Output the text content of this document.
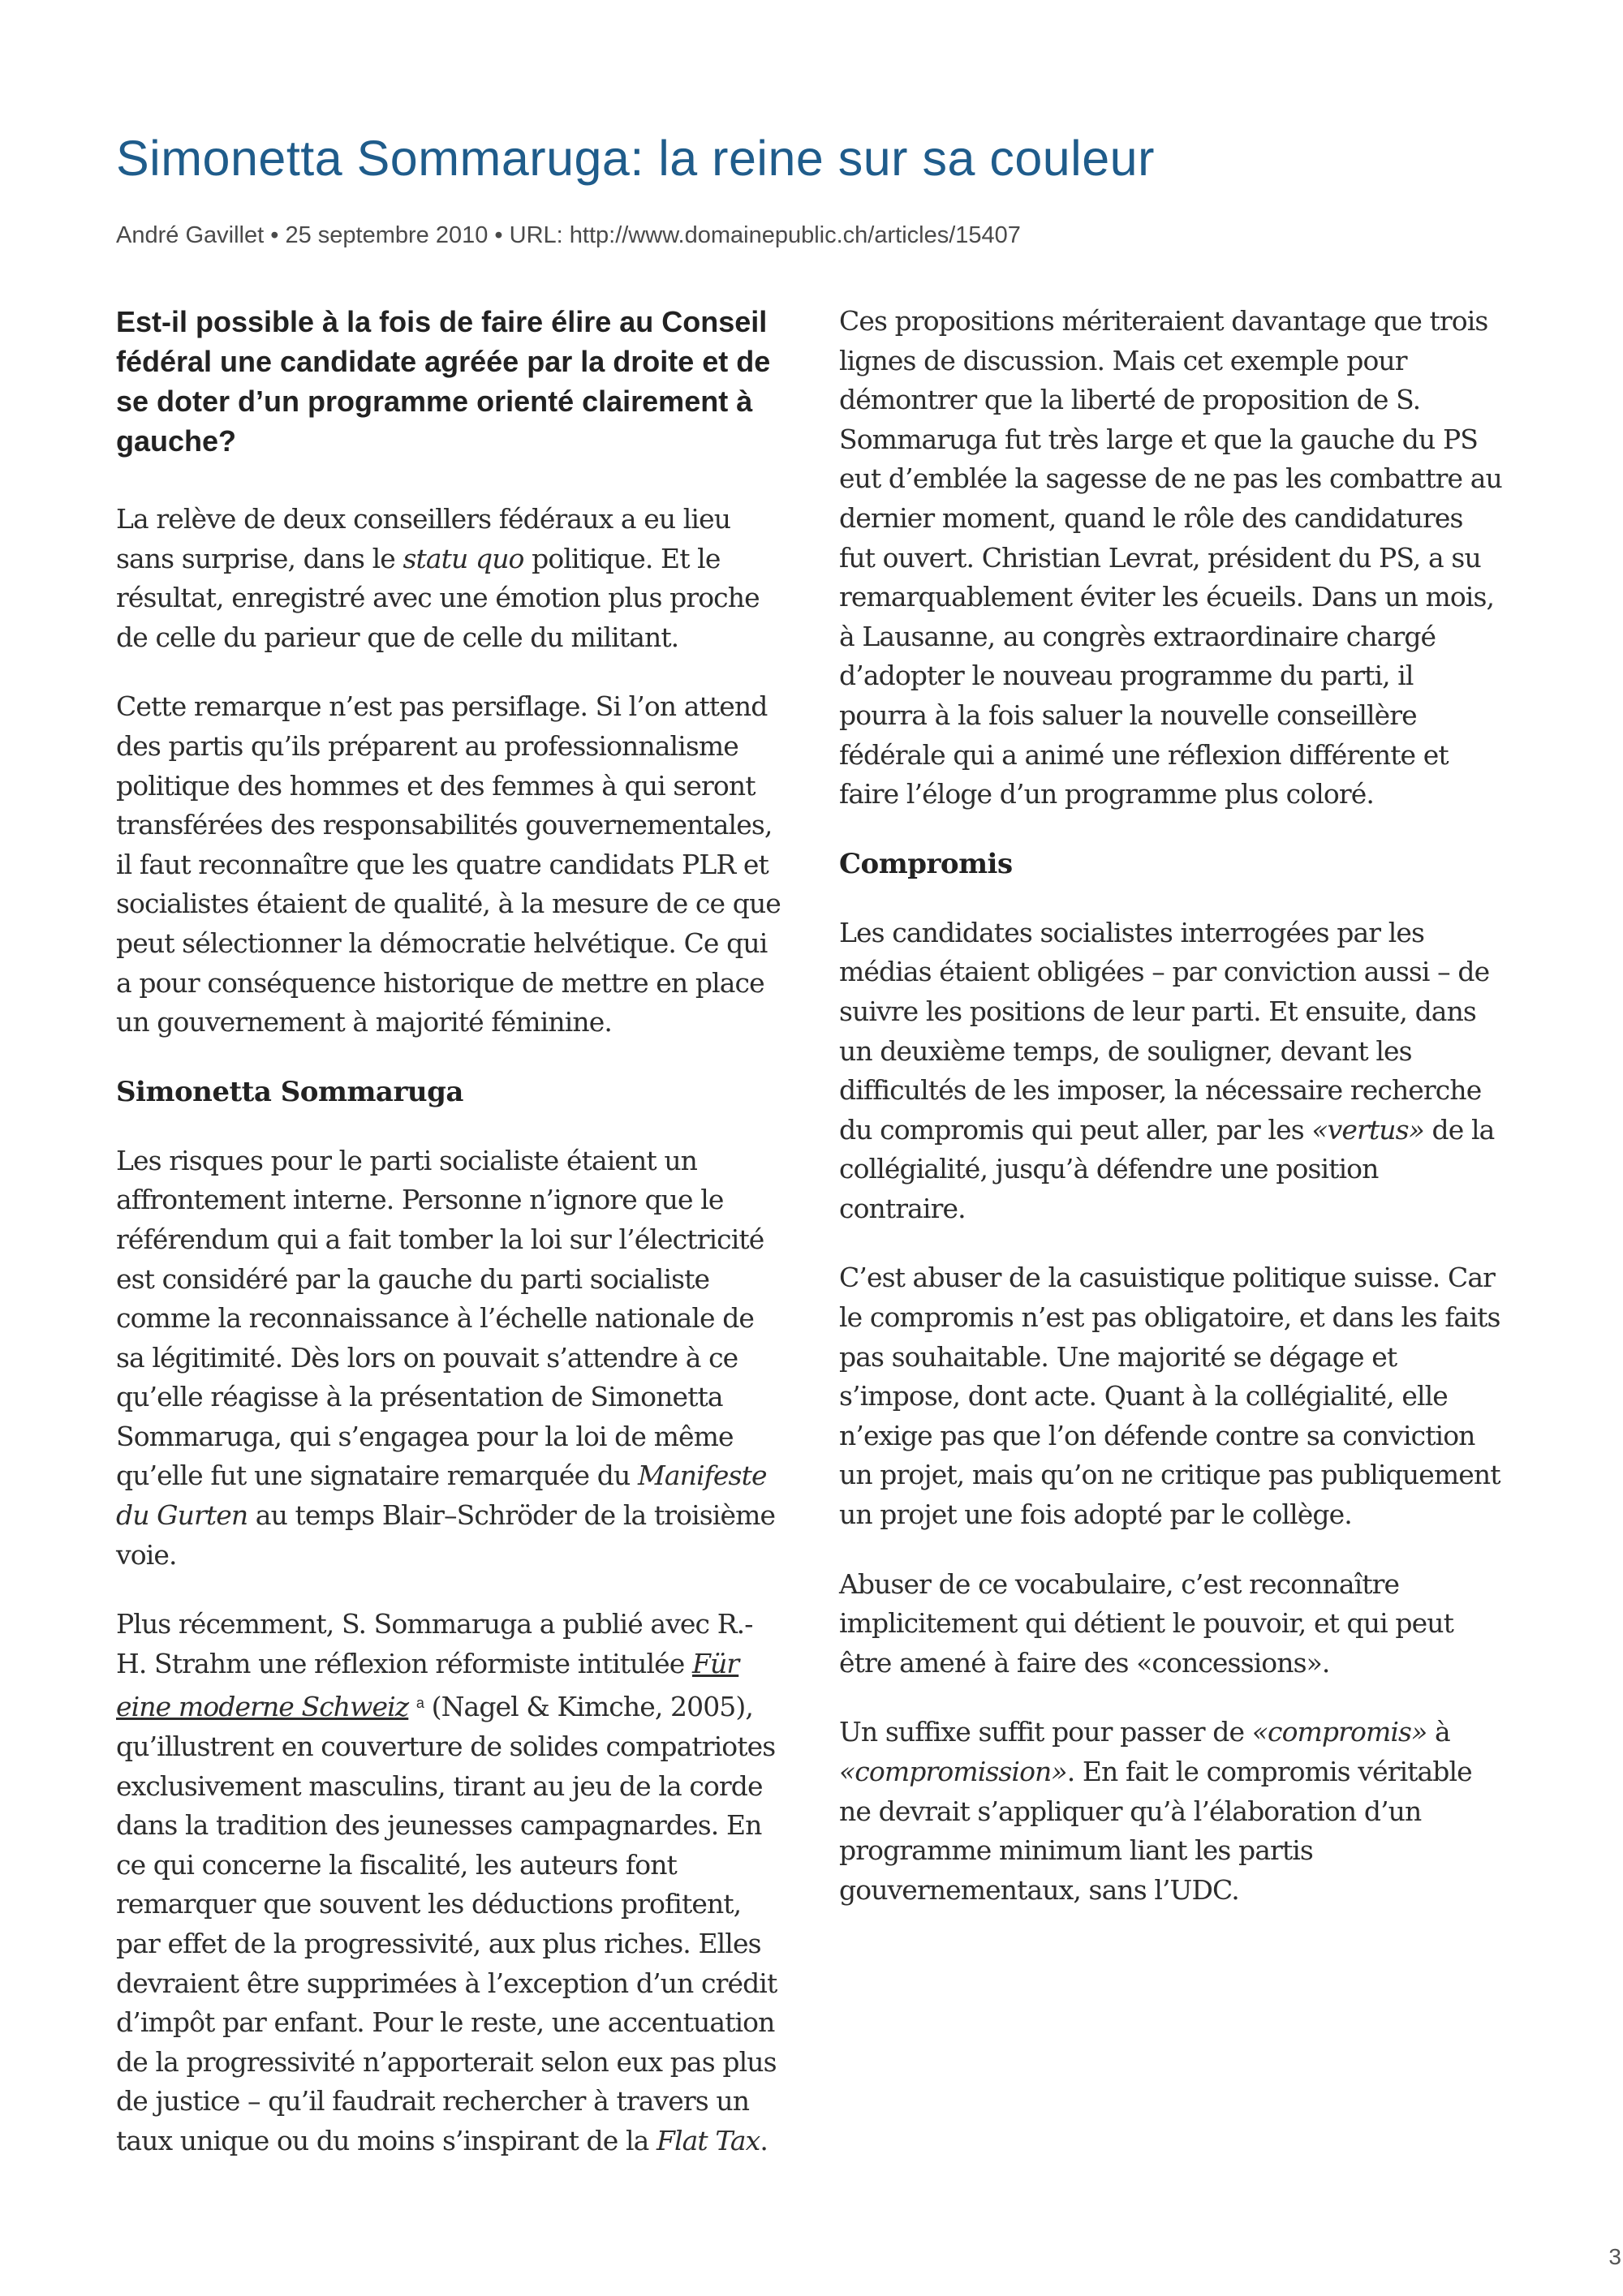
Simonetta Sommaruga: la reine sur sa couleur
André Gavillet • 25 septembre 2010 • URL: http://www.domainepublic.ch/articles/15407

Est-il possible à la fois de faire élire au Conseil fédéral une candidate agréée par la droite et de se doter d’un programme orienté clairement à gauche?

La relève de deux conseillers fédéraux a eu lieu sans surprise, dans le statu quo politique. Et le résultat, enregistré avec une émotion plus proche de celle du parieur que de celle du militant.

Cette remarque n’est pas persiflage. Si l’on attend des partis qu’ils préparent au professionnalisme politique des hommes et des femmes à qui seront transférées des responsabilités gouvernementales, il faut reconnaître que les quatre candidats PLR et socialistes étaient de qualité, à la mesure de ce que peut sélectionner la démocratie helvétique. Ce qui a pour conséquence historique de mettre en place un gouvernement à majorité féminine.

Simonetta Sommaruga

Les risques pour le parti socialiste étaient un affrontement interne. Personne n’ignore que le référendum qui a fait tomber la loi sur l’électricité est considéré par la gauche du parti socialiste comme la reconnaissance à l’échelle nationale de sa légitimité. Dès lors on pouvait s’attendre à ce qu’elle réagisse à la présentation de Simonetta Sommaruga, qui s’engagea pour la loi de même qu’elle fut une signataire remarquée du Manifeste du Gurten au temps Blair–Schröder de la troisième voie.

Plus récemment, S. Sommaruga a publié avec R.-H. Strahm une réflexion réformiste intitulée Für eine moderne Schweiz $^a$ (Nagel & Kimche, 2005), qu’illustrent en couverture de solides compatriotes exclusivement masculins, tirant au jeu de la corde dans la tradition des jeunesses campagnardes. En ce qui concerne la fiscalité, les auteurs font remarquer que souvent les déductions profitent, par effet de la progressivité, aux plus riches. Elles devraient être supprimées à l’exception d’un crédit d’impôt par enfant. Pour le reste, une accentuation de la progressivité n’apporterait selon eux pas plus de justice – qu’il faudrait rechercher à travers un taux unique ou du moins s’inspirant de la Flat Tax.

Ces propositions mériteraient davantage que trois lignes de discussion. Mais cet exemple pour démontrer que la liberté de proposition de S. Sommaruga fut très large et que la gauche du PS eut d’emblée la sagesse de ne pas les combattre au dernier moment, quand le rôle des candidatures fut ouvert. Christian Levrat, président du PS, a su remarquablement éviter les écueils. Dans un mois, à Lausanne, au congrès extraordinaire chargé d’adopter le nouveau programme du parti, il pourra à la fois saluer la nouvelle conseillère fédérale qui a animé une réflexion différente et faire l’éloge d’un programme plus coloré.

Compromis

Les candidates socialistes interrogées par les médias étaient obligées – par conviction aussi – de suivre les positions de leur parti. Et ensuite, dans un deuxième temps, de souligner, devant les difficultés de les imposer, la nécessaire recherche du compromis qui peut aller, par les «vertus» de la collégialité, jusqu’à défendre une position contraire.

C’est abuser de la casuistique politique suisse. Car le compromis n’est pas obligatoire, et dans les faits pas souhaitable. Une majorité se dégage et s’impose, dont acte. Quant à la collégialité, elle n’exige pas que l’on défende contre sa conviction un projet, mais qu’on ne critique pas publiquement un projet une fois adopté par le collège.

Abuser de ce vocabulaire, c’est reconnaître implicitement qui détient le pouvoir, et qui peut être amené à faire des «concessions».

Un suffixe suffit pour passer de «compromis» à «compromission». En fait le compromis véritable ne devrait s’appliquer qu’à l’élaboration d’un programme minimum liant les partis gouvernementaux, sans l’UDC.

3
